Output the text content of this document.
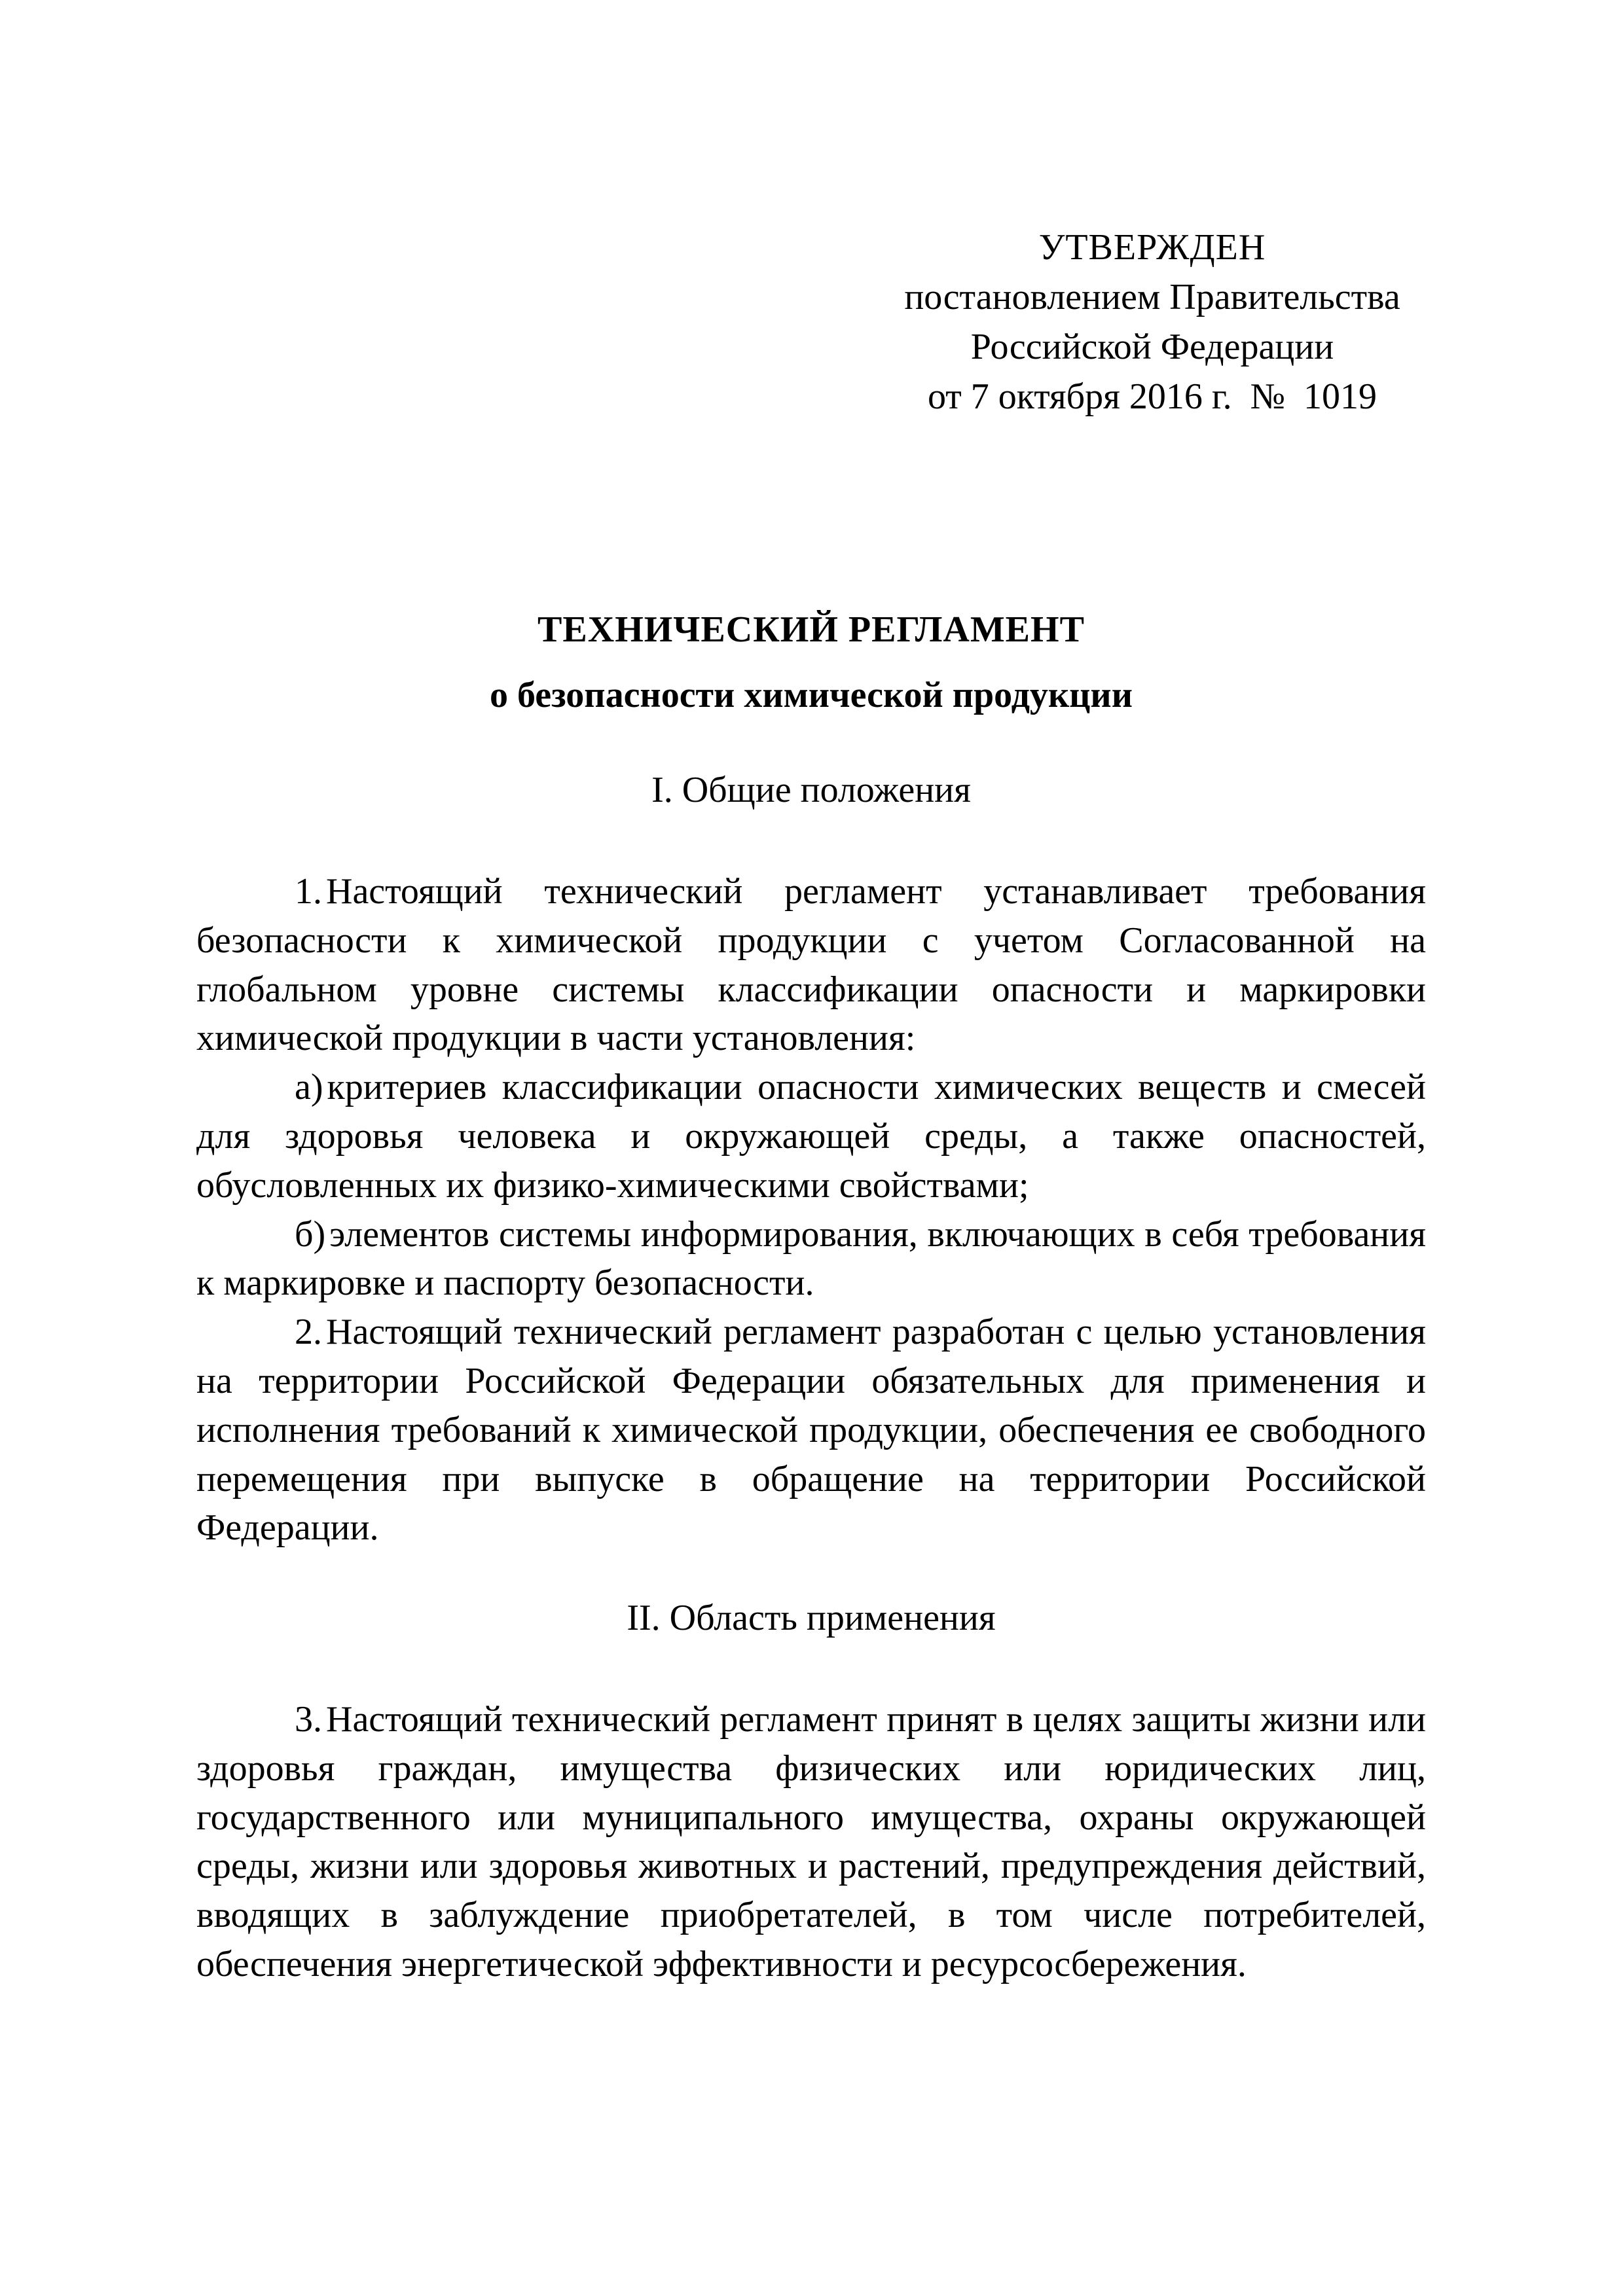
УТВЕРЖДЕН
постановлением Правительства
Российской Федерации
от 7 октября 2016 г.  №  1019
ТЕХНИЧЕСКИЙ РЕГЛАМЕНТ
о безопасности химической продукции
I. Общие положения

1. Настоящий технический регламент устанавливает требования безопасности к химической продукции с учетом Согласованной на глобальном уровне системы классификации опасности и маркировки химической продукции в части установления:

а) критериев классификации опасности химических веществ и смесей для здоровья человека и окружающей среды, а также опасностей, обусловленных их физико-химическими свойствами;

б) элементов системы информирования, включающих в себя требования к маркировке и паспорту безопасности.

2. Настоящий технический регламент разработан с целью установления на территории Российской Федерации обязательных для применения и исполнения требований к химической продукции, обеспечения ее свободного перемещения при выпуске в обращение на территории Российской Федерации.

II. Область применения

3. Настоящий технический регламент принят в целях защиты жизни или здоровья граждан, имущества физических или юридических лиц, государственного или муниципального имущества, охраны окружающей среды, жизни или здоровья животных и растений, предупреждения действий, вводящих в заблуждение приобретателей, в том числе потребителей, обеспечения энергетической эффективности и ресурсосбережения.
